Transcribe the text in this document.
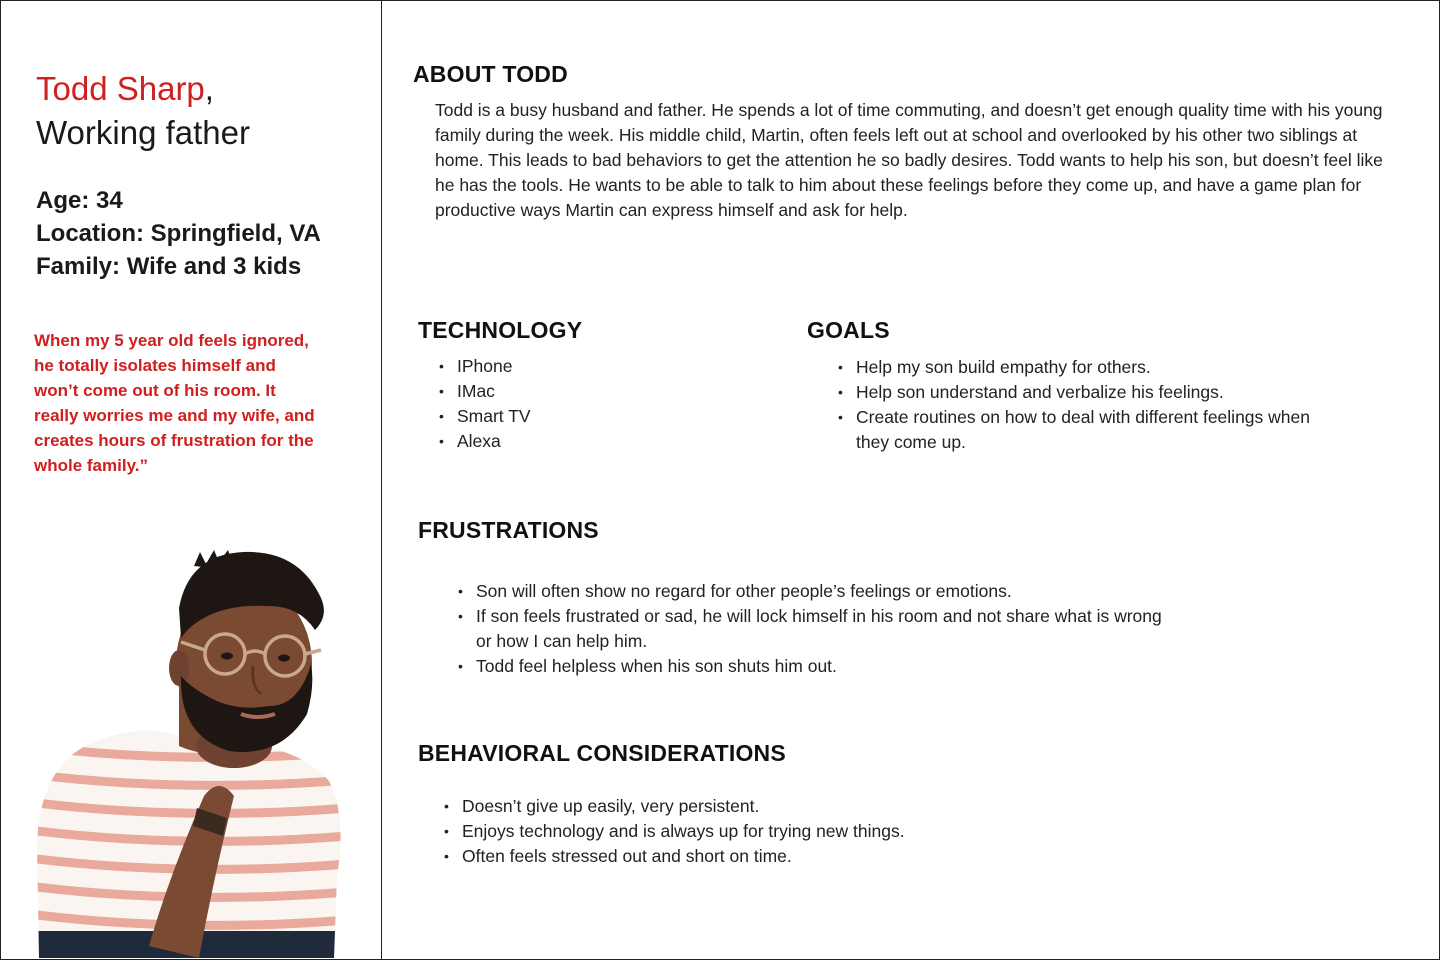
Todd Sharp,
Working father
Age: 34
Location: Springfield, VA
Family: Wife and 3 kids
When my 5 year old feels ignored, he totally isolates himself and won’t come out of his room. It really worries me and my wife, and creates hours of frustration for the whole family.”
ABOUT TODD
Todd is a busy husband and father. He spends a lot of time commuting, and doesn’t get enough quality time with his young family during the week. His middle child, Martin, often feels left out at school and overlooked by his other two siblings at home. This leads to bad behaviors to get the attention he so badly desires. Todd wants to help his son, but doesn’t feel like he has the tools. He wants to be able to talk to him about these feelings before they come up, and have a game plan for productive ways Martin can express himself and ask for help.
TECHNOLOGY
• IPhone
• IMac
• Smart TV
• Alexa
GOALS
• Help my son build empathy for others.
• Help son understand and verbalize his feelings.
• Create routines on how to deal with different feelings when they come up.
FRUSTRATIONS
• Son will often show no regard for other people’s feelings or emotions.
• If son feels frustrated or sad, he will lock himself in his room and not share what is wrong or how I can help him.
• Todd feel helpless when his son shuts him out.
BEHAVIORAL CONSIDERATIONS
• Doesn’t give up easily, very persistent.
• Enjoys technology and is always up for trying new things.
• Often feels stressed out and short on time.
